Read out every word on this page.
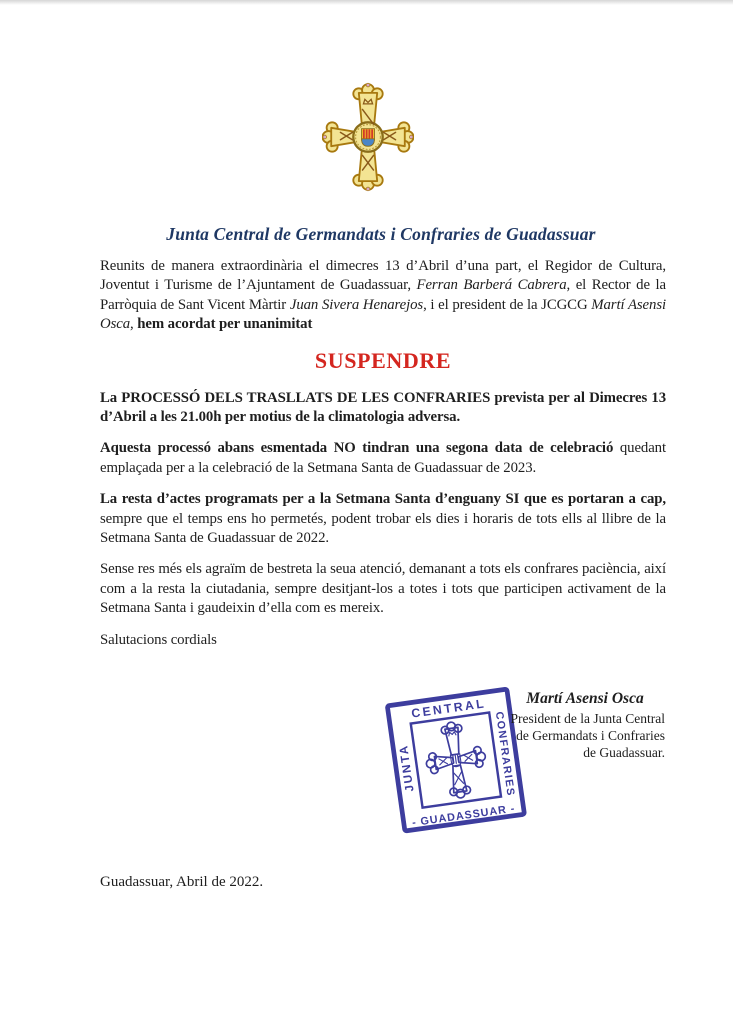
Junta Central de Germandats i Confraries de Guadassuar

Reunits de manera extraordinària el dimecres 13 d’Abril d’una part, el Regidor de Cultura, Joventut i Turisme de l’Ajuntament de Guadassuar, Ferran Barberá Cabrera, el Rector de la Parròquia de Sant Vicent Màrtir Juan Sivera Henarejos, i el president de la JCGCG Martí Asensi Osca, hem acordat per unanimitat

SUSPENDRE

La PROCESSÓ DELS TRASLLATS DE LES CONFRARIES prevista per al Dimecres 13 d’Abril a les 21.00h per motius de la climatologia adversa.

Aquesta processó abans esmentada NO tindran una segona data de celebració quedant emplaçada per a la celebració de la Setmana Santa de Guadassuar de 2023.

La resta d’actes programats per a la Setmana Santa d’enguany SI que es portaran a cap, sempre que el temps ens ho permetés, podent trobar els dies i horaris de tots ells al llibre de la Setmana Santa de Guadassuar de 2022.

Sense res més els agraïm de bestreta la seua atenció, demanant a tots els confrares paciència, així com a la resta la ciutadania, sempre desitjant-los a totes i tots que participen activament de la Setmana Santa i gaudeixin d’ella com es mereix.

Salutacions cordials

CENTRAL
JUNTA	CONFRARIES
- GUADASSUAR -
Martí Asensi Osca
President de la Junta Central
de Germandats i Confraries
de Guadassuar.
Guadassuar, Abril de 2022.
